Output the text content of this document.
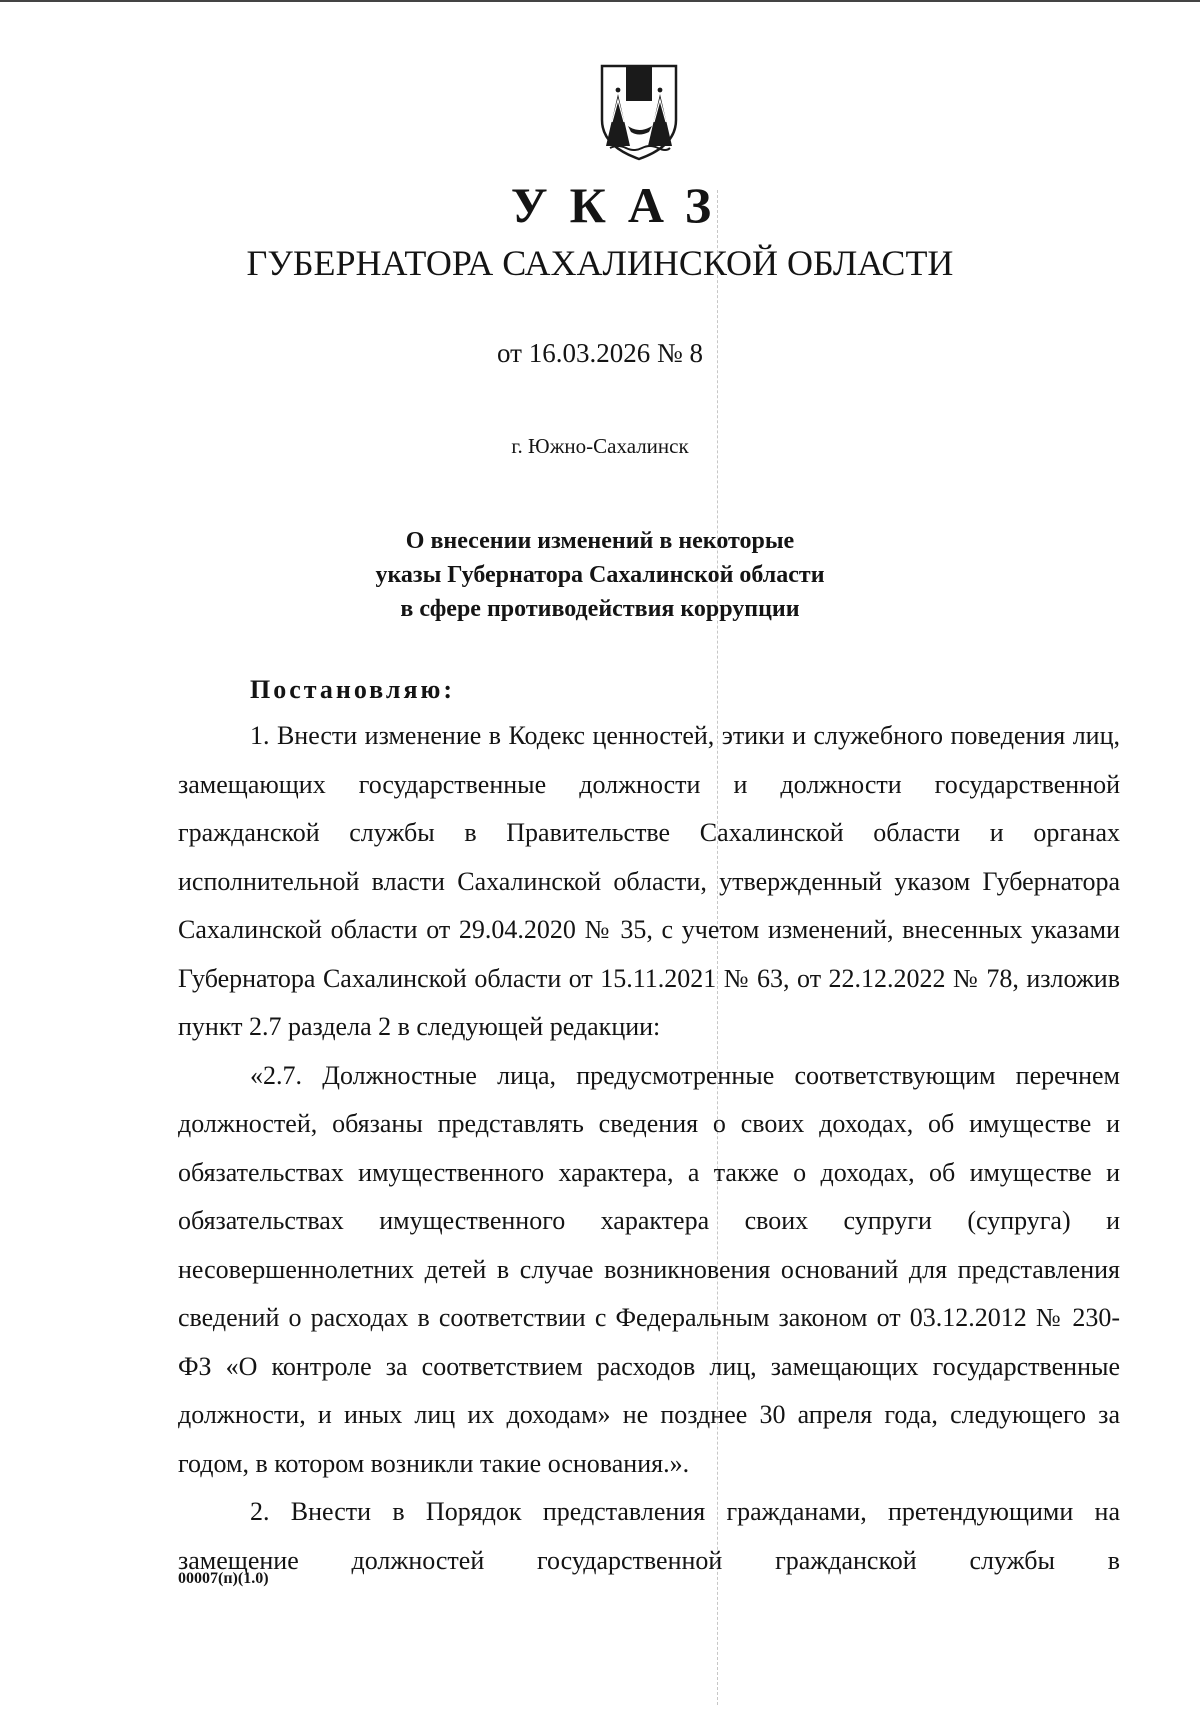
УКАЗ
ГУБЕРНАТОРА САХАЛИНСКОЙ ОБЛАСТИ
от 16.03.2026 № 8
г. Южно-Сахалинск
О внесении изменений в некоторые
указы Губернатора Сахалинской области
в сфере противодействия коррупции
Постановляю:

1. Внести изменение в Кодекс ценностей, этики и служебного поведения лиц, замещающих государственные должности и должности государственной гражданской службы в Правительстве Сахалинской области и органах исполнительной власти Сахалинской области, утвержденный указом Губернатора Сахалинской области от 29.04.2020 № 35, с учетом изменений, внесенных указами Губернатора Сахалинской области от 15.11.2021 № 63, от 22.12.2022 № 78, изложив пункт 2.7 раздела 2 в следующей редакции:

«2.7. Должностные лица, предусмотренные соответствующим перечнем должностей, обязаны представлять сведения о своих доходах, об имуществе и обязательствах имущественного характера, а также о доходах, об имуществе и обязательствах имущественного характера своих супруги (супруга) и несовершеннолетних детей в случае возникновения оснований для представления сведений о расходах в соответствии с Федеральным законом от 03.12.2012 № 230-ФЗ «О контроле за соответствием расходов лиц, замещающих государственные должности, и иных лиц их доходам» не позднее 30 апреля года, следующего за годом, в котором возникли такие основания.».

2. Внести в Порядок представления гражданами, претендующими на замещение должностей государственной гражданской службы в

00007(п)(1.0)
